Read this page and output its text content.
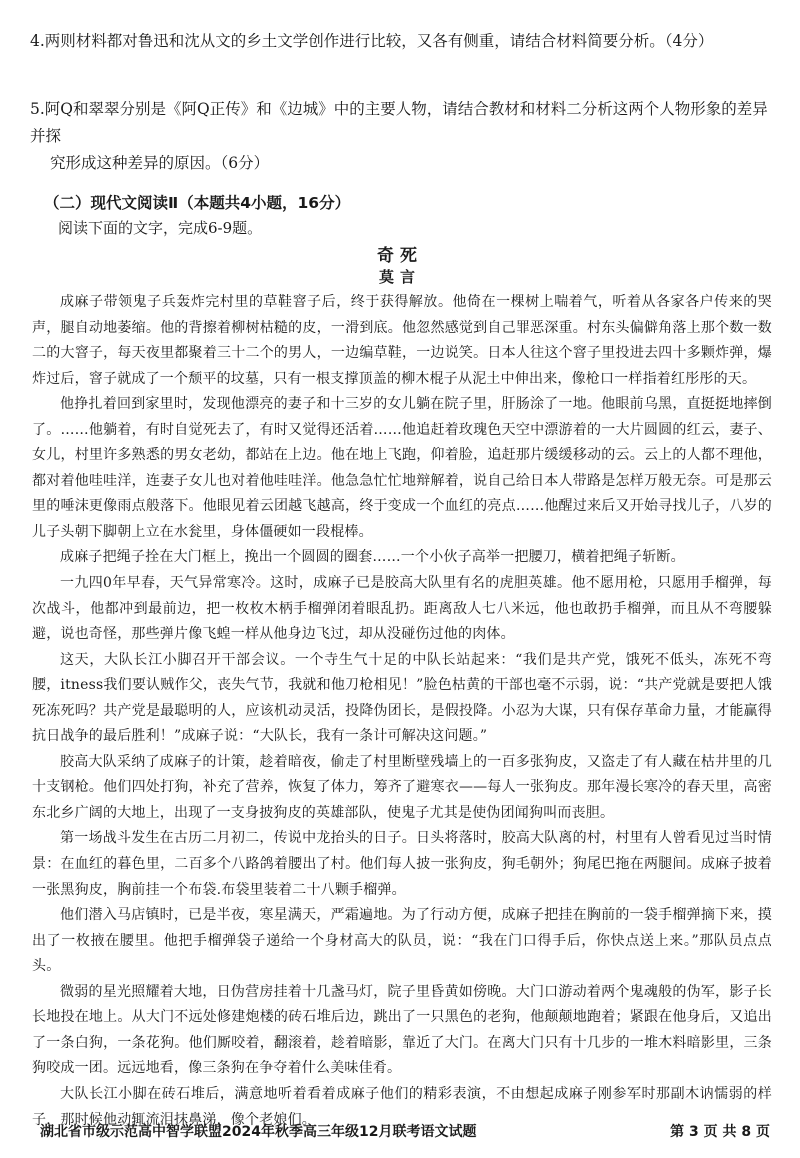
4.两则材料都对鲁迅和沈从文的乡土文学创作进行比较，又各有侧重，请结合材料简要分析。（4分）
5.阿Q和翠翠分别是《阿Q正传》和《边城》中的主要人物，请结合教材和材料二分析这两个人物形象的差异并探
究形成这种差异的原因。（6分）
（二）现代文阅读Ⅱ（本题共4小题，16分）
阅读下面的文字，完成6-9题。
奇死
莫言

成麻子带领鬼子兵轰炸完村里的草鞋窨子后，终于获得解放。他倚在一棵树上喘着气，听着从各家各户传来的哭声，腿自动地萎缩。他的背擦着柳树枯糙的皮，一滑到底。他忽然感觉到自己罪恶深重。村东头偏僻角落上那个数一数二的大窨子，每天夜里都聚着三十二个的男人，一边编草鞋，一边说笑。日本人往这个窨子里投进去四十多颗炸弹，爆炸过后，窨子就成了一个颓平的坟墓，只有一根支撑顶盖的柳木棍子从泥土中伸出来，像枪口一样指着红彤彤的天。

他挣扎着回到家里时，发现他漂亮的妻子和十三岁的女儿躺在院子里，肝肠涂了一地。他眼前乌黑，直挺挺地摔倒了。……他躺着，有时自觉死去了，有时又觉得还活着……他追赶着玫瑰色天空中漂游着的一大片圆圆的红云，妻子、女儿，村里许多熟悉的男女老幼，都站在上边。他在地上飞跑，仰着脸，追赶那片缓缓移动的云。云上的人都不理他，都对着他哇哇洋，连妻子女儿也对着他哇哇洋。他急急忙忙地辩解着，说自己给日本人带路是怎样万般无奈。可是那云里的唾沫更像雨点般落下。他眼见着云团越飞越高，终于变成一个血红的亮点……他醒过来后又开始寻找儿子，八岁的儿子头朝下脚朝上立在水瓮里，身体僵硬如一段棍棒。

成麻子把绳子拴在大门框上，挽出一个圆圆的圈套……一个小伙子高举一把腰刀，横着把绳子斩断。

一九四0年早春，天气异常寒冷。这时，成麻子已是胶高大队里有名的虎胆英雄。他不愿用枪，只愿用手榴弹，每次战斗，他都冲到最前边，把一枚枚木柄手榴弹闭着眼乱扔。距离敌人七八米远，他也敢扔手榴弹，而且从不弯腰躲避，说也奇怪，那些弹片像飞蝗一样从他身边飞过，却从没碰伤过他的肉体。

这天，大队长江小脚召开干部会议。一个寺生气十足的中队长站起来：“我们是共产党，饿死不低头，冻死不弯腰，itness我们要认贼作父，丧失气节，我就和他刀枪相见！”脸色枯黄的干部也毫不示弱，说：“共产党就是要把人饿死冻死吗？共产党是最聪明的人，应该机动灵活，投降伪团长，是假投降。小忍为大谋，只有保存革命力量，才能赢得抗日战争的最后胜利！”成麻子说：“大队长，我有一条计可解决这问题。”

胶高大队采纳了成麻子的计策，趁着暗夜，偷走了村里断壁残墙上的一百多张狗皮，又盗走了有人藏在枯井里的几十支钢枪。他们四处打狗，补充了营养，恢复了体力，筹齐了避寒衣——每人一张狗皮。那年漫长寒冷的春天里，高密东北乡广阔的大地上，出现了一支身披狗皮的英雄部队，使鬼子尤其是使伪团闻狗叫而丧胆。

第一场战斗发生在古历二月初二，传说中龙抬头的日子。日头将落时，胶高大队离的村，村里有人曾看见过当时情景：在血红的暮色里，二百多个八路鸽着腰出了村。他们每人披一张狗皮，狗毛朝外；狗尾巴拖在两腿间。成麻子披着一张黑狗皮，胸前挂一个布袋.布袋里装着二十八颗手榴弹。

他们潜入马店镇时，已是半夜，寒星满天，严霜遍地。为了行动方便，成麻子把挂在胸前的一袋手榴弹摘下来，摸出了一枚掖在腰里。他把手榴弹袋子递给一个身材高大的队员，说：“我在门口得手后，你快点送上来。”那队员点点头。

微弱的星光照耀着大地，日伪营房挂着十几盏马灯，院子里昏黄如傍晚。大门口游动着两个鬼魂般的伪军，影子长长地投在地上。从大门不远处修建炮楼的砖石堆后边，跳出了一只黑色的老狗，他颠颠地跑着；紧跟在他身后，又追出了一条白狗，一条花狗。他们厮咬着，翻滚着，趁着暗影，靠近了大门。在离大门只有十几步的一堆木料暗影里，三条狗咬成一团。远远地看，像三条狗在争夺着什么美味佳肴。

大队长江小脚在砖石堆后，满意地听着看着成麻子他们的精彩表演，不由想起成麻子刚参军时那副木讷懦弱的样子，那时候他动辄流泪抹鼻涕，像个老娘们。

湖北省市级示范高中智学联盟2024年秋季高三年级12月联考语文试题	第 3 页 共 8 页
